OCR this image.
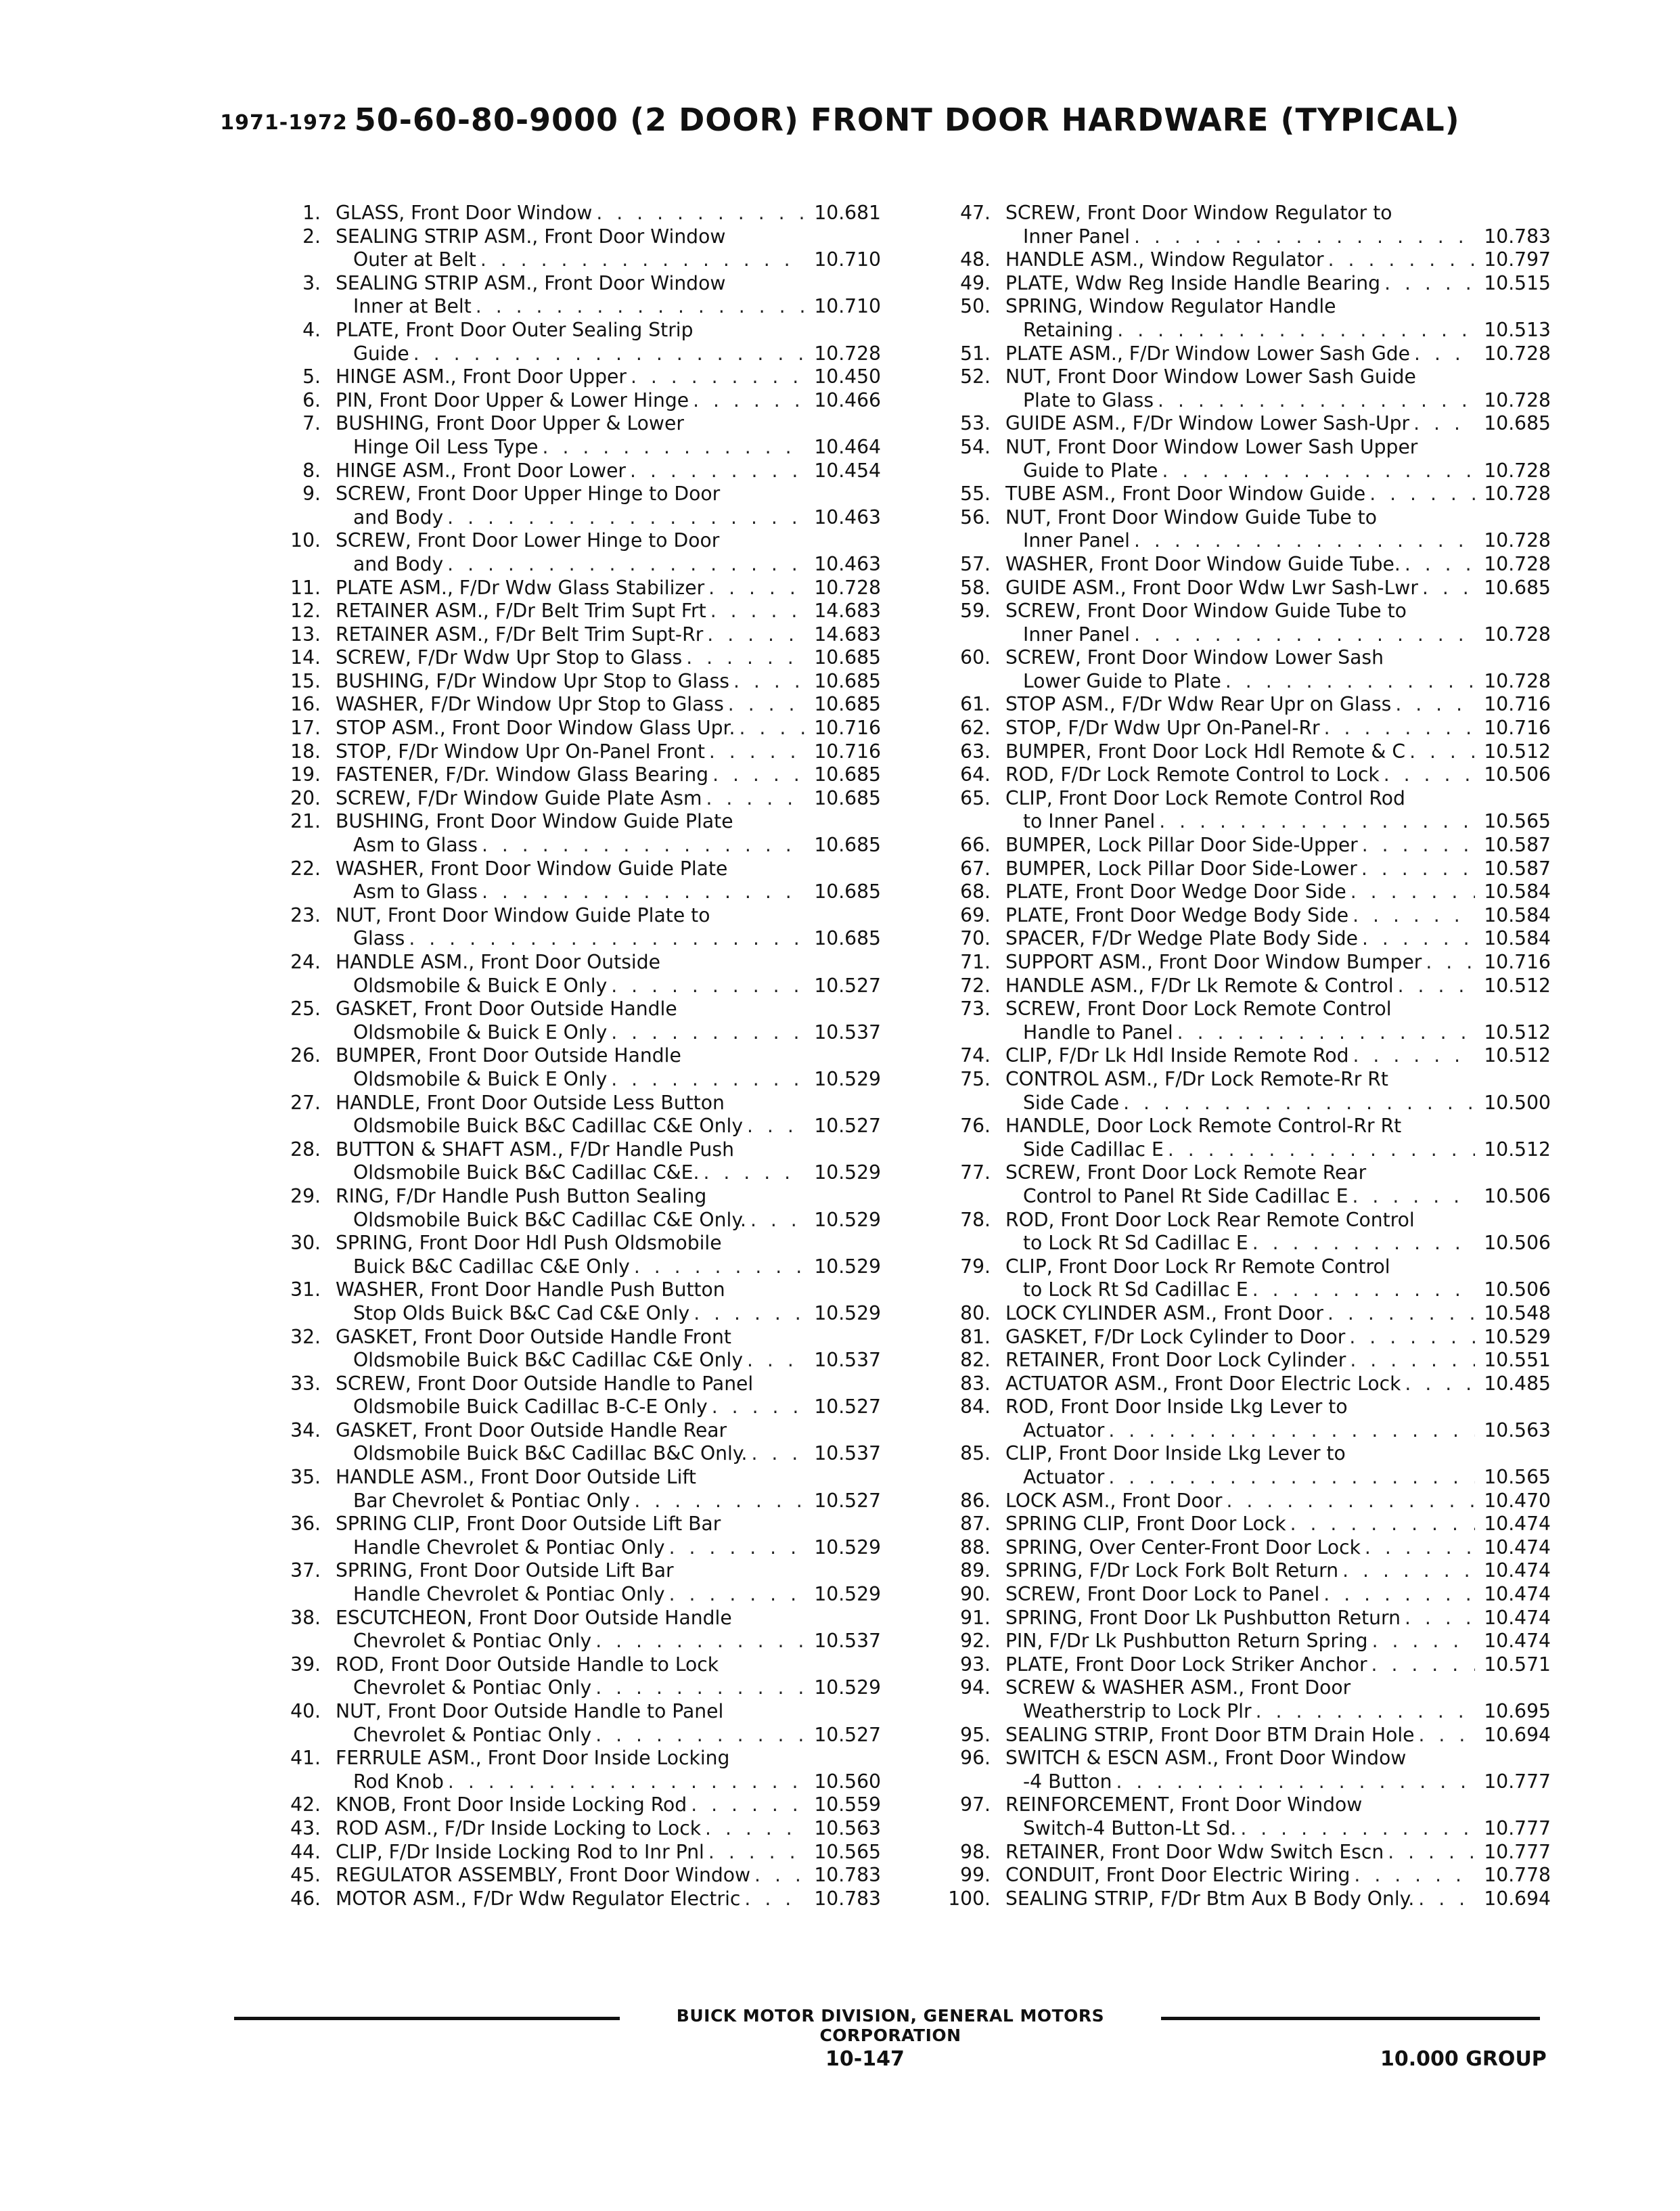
1971-1972 50-60-80-9000 (2 DOOR) FRONT DOOR HARDWARE (TYPICAL)
1. GLASS, Front Door Window . . .	10.681
2. SEALING STRIP ASM., Front Door Window
Outer at Belt . . .	10.710
3. SEALING STRIP ASM., Front Door Window
Inner at Belt . . .	10.710
4. PLATE, Front Door Outer Sealing Strip
Guide . . .	10.728
5. HINGE ASM., Front Door Upper . . .	10.450
6. PIN, Front Door Upper & Lower Hinge . . .	10.466
7. BUSHING, Front Door Upper & Lower
Hinge Oil Less Type . . .	10.464
8. HINGE ASM., Front Door Lower . . .	10.454
9. SCREW, Front Door Upper Hinge to Door
and Body . . .	10.463
10. SCREW, Front Door Lower Hinge to Door
and Body . . .	10.463
11. PLATE ASM., F/Dr Wdw Glass Stabilizer . . .	10.728
12. RETAINER ASM., F/Dr Belt Trim Supt Frt . . .	14.683
13. RETAINER ASM., F/Dr Belt Trim Supt-Rr . . .	14.683
14. SCREW, F/Dr Wdw Upr Stop to Glass . . .	10.685
15. BUSHING, F/Dr Window Upr Stop to Glass . . .	10.685
16. WASHER, F/Dr Window Upr Stop to Glass . . .	10.685
17. STOP ASM., Front Door Window Glass Upr. . . .	10.716
18. STOP, F/Dr Window Upr On-Panel Front . . .	10.716
19. FASTENER, F/Dr. Window Glass Bearing . . .	10.685
20. SCREW, F/Dr Window Guide Plate Asm . . .	10.685
21. BUSHING, Front Door Window Guide Plate
Asm to Glass . . .	10.685
22. WASHER, Front Door Window Guide Plate
Asm to Glass . . .	10.685
23. NUT, Front Door Window Guide Plate to
Glass . . .	10.685
24. HANDLE ASM., Front Door Outside
Oldsmobile & Buick E Only . . .	10.527
25. GASKET, Front Door Outside Handle
Oldsmobile & Buick E Only . . .	10.537
26. BUMPER, Front Door Outside Handle
Oldsmobile & Buick E Only . . .	10.529
27. HANDLE, Front Door Outside Less Button
Oldsmobile Buick B&C Cadillac C&E Only . . .	10.527
28. BUTTON & SHAFT ASM., F/Dr Handle Push
Oldsmobile Buick B&C Cadillac C&E. . . .	10.529
29. RING, F/Dr Handle Push Button Sealing
Oldsmobile Buick B&C Cadillac C&E Only. . . .	10.529
30. SPRING, Front Door Hdl Push Oldsmobile
Buick B&C Cadillac C&E Only . . .	10.529
31. WASHER, Front Door Handle Push Button
Stop Olds Buick B&C Cad C&E Only . . .	10.529
32. GASKET, Front Door Outside Handle Front
Oldsmobile Buick B&C Cadillac C&E Only . . .	10.537
33. SCREW, Front Door Outside Handle to Panel
Oldsmobile Buick Cadillac B-C-E Only . . .	10.527
34. GASKET, Front Door Outside Handle Rear
Oldsmobile Buick B&C Cadillac B&C Only. . . .	10.537
35. HANDLE ASM., Front Door Outside Lift
Bar Chevrolet & Pontiac Only . . .	10.527
36. SPRING CLIP, Front Door Outside Lift Bar
Handle Chevrolet & Pontiac Only . . .	10.529
37. SPRING, Front Door Outside Lift Bar
Handle Chevrolet & Pontiac Only . . .	10.529
38. ESCUTCHEON, Front Door Outside Handle
Chevrolet & Pontiac Only . . .	10.537
39. ROD, Front Door Outside Handle to Lock
Chevrolet & Pontiac Only . . .	10.529
40. NUT, Front Door Outside Handle to Panel
Chevrolet & Pontiac Only . . .	10.527
41. FERRULE ASM., Front Door Inside Locking
Rod Knob . . .	10.560
42. KNOB, Front Door Inside Locking Rod . . .	10.559
43. ROD ASM., F/Dr Inside Locking to Lock . . .	10.563
44. CLIP, F/Dr Inside Locking Rod to Inr Pnl . . .	10.565
45. REGULATOR ASSEMBLY, Front Door Window . . .	10.783
46. MOTOR ASM., F/Dr Wdw Regulator Electric . . .	10.783
47. SCREW, Front Door Window Regulator to
Inner Panel . . .	10.783
48. HANDLE ASM., Window Regulator . . .	10.797
49. PLATE, Wdw Reg Inside Handle Bearing . . .	10.515
50. SPRING, Window Regulator Handle
Retaining . . .	10.513
51. PLATE ASM., F/Dr Window Lower Sash Gde . . .	10.728
52. NUT, Front Door Window Lower Sash Guide
Plate to Glass . . .	10.728
53. GUIDE ASM., F/Dr Window Lower Sash-Upr . . .	10.685
54. NUT, Front Door Window Lower Sash Upper
Guide to Plate . . .	10.728
55. TUBE ASM., Front Door Window Guide . . .	10.728
56. NUT, Front Door Window Guide Tube to
Inner Panel . . .	10.728
57. WASHER, Front Door Window Guide Tube. . . .	10.728
58. GUIDE ASM., Front Door Wdw Lwr Sash-Lwr . . .	10.685
59. SCREW, Front Door Window Guide Tube to
Inner Panel . . .	10.728
60. SCREW, Front Door Window Lower Sash
Lower Guide to Plate . . .	10.728
61. STOP ASM., F/Dr Wdw Rear Upr on Glass . . .	10.716
62. STOP, F/Dr Wdw Upr On-Panel-Rr . . .	10.716
63. BUMPER, Front Door Lock Hdl Remote & C . . .	10.512
64. ROD, F/Dr Lock Remote Control to Lock . . .	10.506
65. CLIP, Front Door Lock Remote Control Rod
to Inner Panel . . .	10.565
66. BUMPER, Lock Pillar Door Side-Upper . . .	10.587
67. BUMPER, Lock Pillar Door Side-Lower . . .	10.587
68. PLATE, Front Door Wedge Door Side . . .	10.584
69. PLATE, Front Door Wedge Body Side . . .	10.584
70. SPACER, F/Dr Wedge Plate Body Side . . .	10.584
71. SUPPORT ASM., Front Door Window Bumper . . .	10.716
72. HANDLE ASM., F/Dr Lk Remote & Control . . .	10.512
73. SCREW, Front Door Lock Remote Control
Handle to Panel . . .	10.512
74. CLIP, F/Dr Lk Hdl Inside Remote Rod . . .	10.512
75. CONTROL ASM., F/Dr Lock Remote-Rr Rt
Side Cade . . .	10.500
76. HANDLE, Door Lock Remote Control-Rr Rt
Side Cadillac E . . .	10.512
77. SCREW, Front Door Lock Remote Rear
Control to Panel Rt Side Cadillac E . . .	10.506
78. ROD, Front Door Lock Rear Remote Control
to Lock Rt Sd Cadillac E . . .	10.506
79. CLIP, Front Door Lock Rr Remote Control
to Lock Rt Sd Cadillac E . . .	10.506
80. LOCK CYLINDER ASM., Front Door . . .	10.548
81. GASKET, F/Dr Lock Cylinder to Door . . .	10.529
82. RETAINER, Front Door Lock Cylinder . . .	10.551
83. ACTUATOR ASM., Front Door Electric Lock . . .	10.485
84. ROD, Front Door Inside Lkg Lever to
Actuator . . .	10.563
85. CLIP, Front Door Inside Lkg Lever to
Actuator . . .	10.565
86. LOCK ASM., Front Door . . .	10.470
87. SPRING CLIP, Front Door Lock . . .	10.474
88. SPRING, Over Center-Front Door Lock . . .	10.474
89. SPRING, F/Dr Lock Fork Bolt Return . . .	10.474
90. SCREW, Front Door Lock to Panel . . .	10.474
91. SPRING, Front Door Lk Pushbutton Return . . .	10.474
92. PIN, F/Dr Lk Pushbutton Return Spring . . .	10.474
93. PLATE, Front Door Lock Striker Anchor . . .	10.571
94. SCREW & WASHER ASM., Front Door
Weatherstrip to Lock Plr . . .	10.695
95. SEALING STRIP, Front Door BTM Drain Hole . . .	10.694
96. SWITCH & ESCN ASM., Front Door Window
-4 Button . . .	10.777
97. REINFORCEMENT, Front Door Window
Switch-4 Button-Lt Sd. . . .	10.777
98. RETAINER, Front Door Wdw Switch Escn . . .	10.777
99. CONDUIT, Front Door Electric Wiring . . .	10.778
100. SEALING STRIP, F/Dr Btm Aux B Body Only. . . .	10.694
BUICK MOTOR DIVISION, GENERAL MOTORS CORPORATION
10-147	10.000 GROUP
